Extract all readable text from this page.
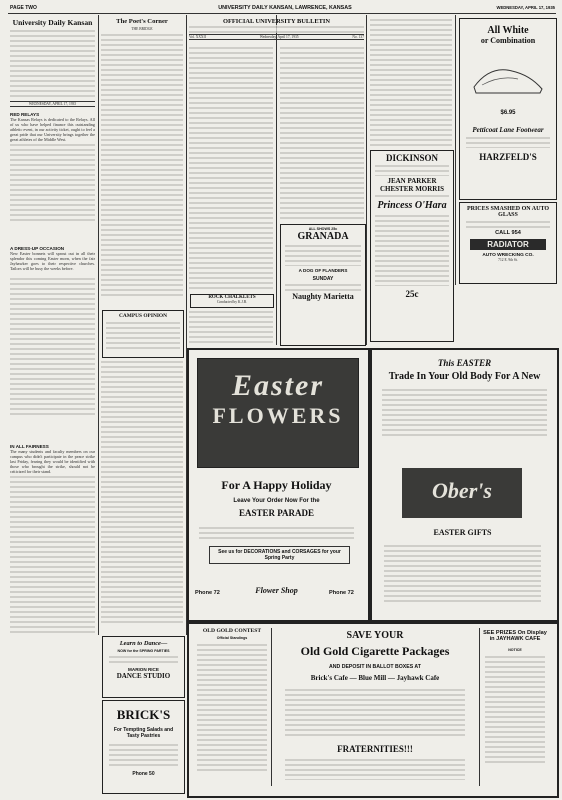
PAGE TWO	UNIVERSITY DAILY KANSAN, LAWRENCE, KANSAS	WEDNESDAY, APRIL 17, 1935
University Daily Kansan
WEDNESDAY, APRIL 17, 1935
RED RELAYS
The Kansas Relays is dedicated to the Relays. All of us who have helped finance this outstanding athletic event, in our activity ticket, ought to feel a great pride that our University brings together the great athletes of the Middle West.
A DRESS-UP OCCASION
New Easter bonnets will sprout out in all their splendor this coming Easter morn, when the fair Jayhawker goes to their respective churches. Tailors will be busy the weeks before.
IN ALL FAIRNESS
The many students and faculty members on our campus who didn't participate in the peace strike last Friday, fearing they would be identified with those who brought the strike, should not be criticized for their stand.
The Poet's Corner
THE BRIDGE
CAMPUS OPINION
OFFICIAL UNIVERSITY BULLETIN
Vol. XXXII	Wednesday, April 17, 1935	No. 137
ROCK CHALKLETS
Conducted by K.J.B.
ALL SHOWS 25c
GRANADA
A DOG OF FLANDERS
SUNDAY
Naughty Marietta
DICKINSON
JEAN PARKER
CHESTER MORRIS
Princess O'Hara
25c
All White
or Combination
$6.95
Petticoat Lane Footwear
HARZFELD'S
PRICES SMASHED ON AUTO GLASS
CALL 954
RADIATOR
AUTO WRECKING CO.
712 E. 9th St.
Easter
FLOWERS
For A Happy Holiday
Leave Your Order Now For the
EASTER PARADE
See us for DECORATIONS and CORSAGES for your Spring Party
Phone 72	Flower Shop	Phone 72
This EASTER
Trade In Your Old Body For A New
Ober's
EASTER GIFTS
Learn to Dance—
NOW for the SPRING PARTIES
MARION RICE
DANCE STUDIO
BRICK'S
For Tempting Salads and
Tasty Pastries
Phone 50
OLD GOLD CONTEST
Official Standings	SAVE YOUR
Old Gold Cigarette Packages
AND DEPOSIT IN BALLOT BOXES AT
Brick's Cafe — Blue Mill — Jayhawk Cafe
FRATERNITIES!!!
SEE PRIZES On Display in JAYHAWK CAFE
NOTICE
